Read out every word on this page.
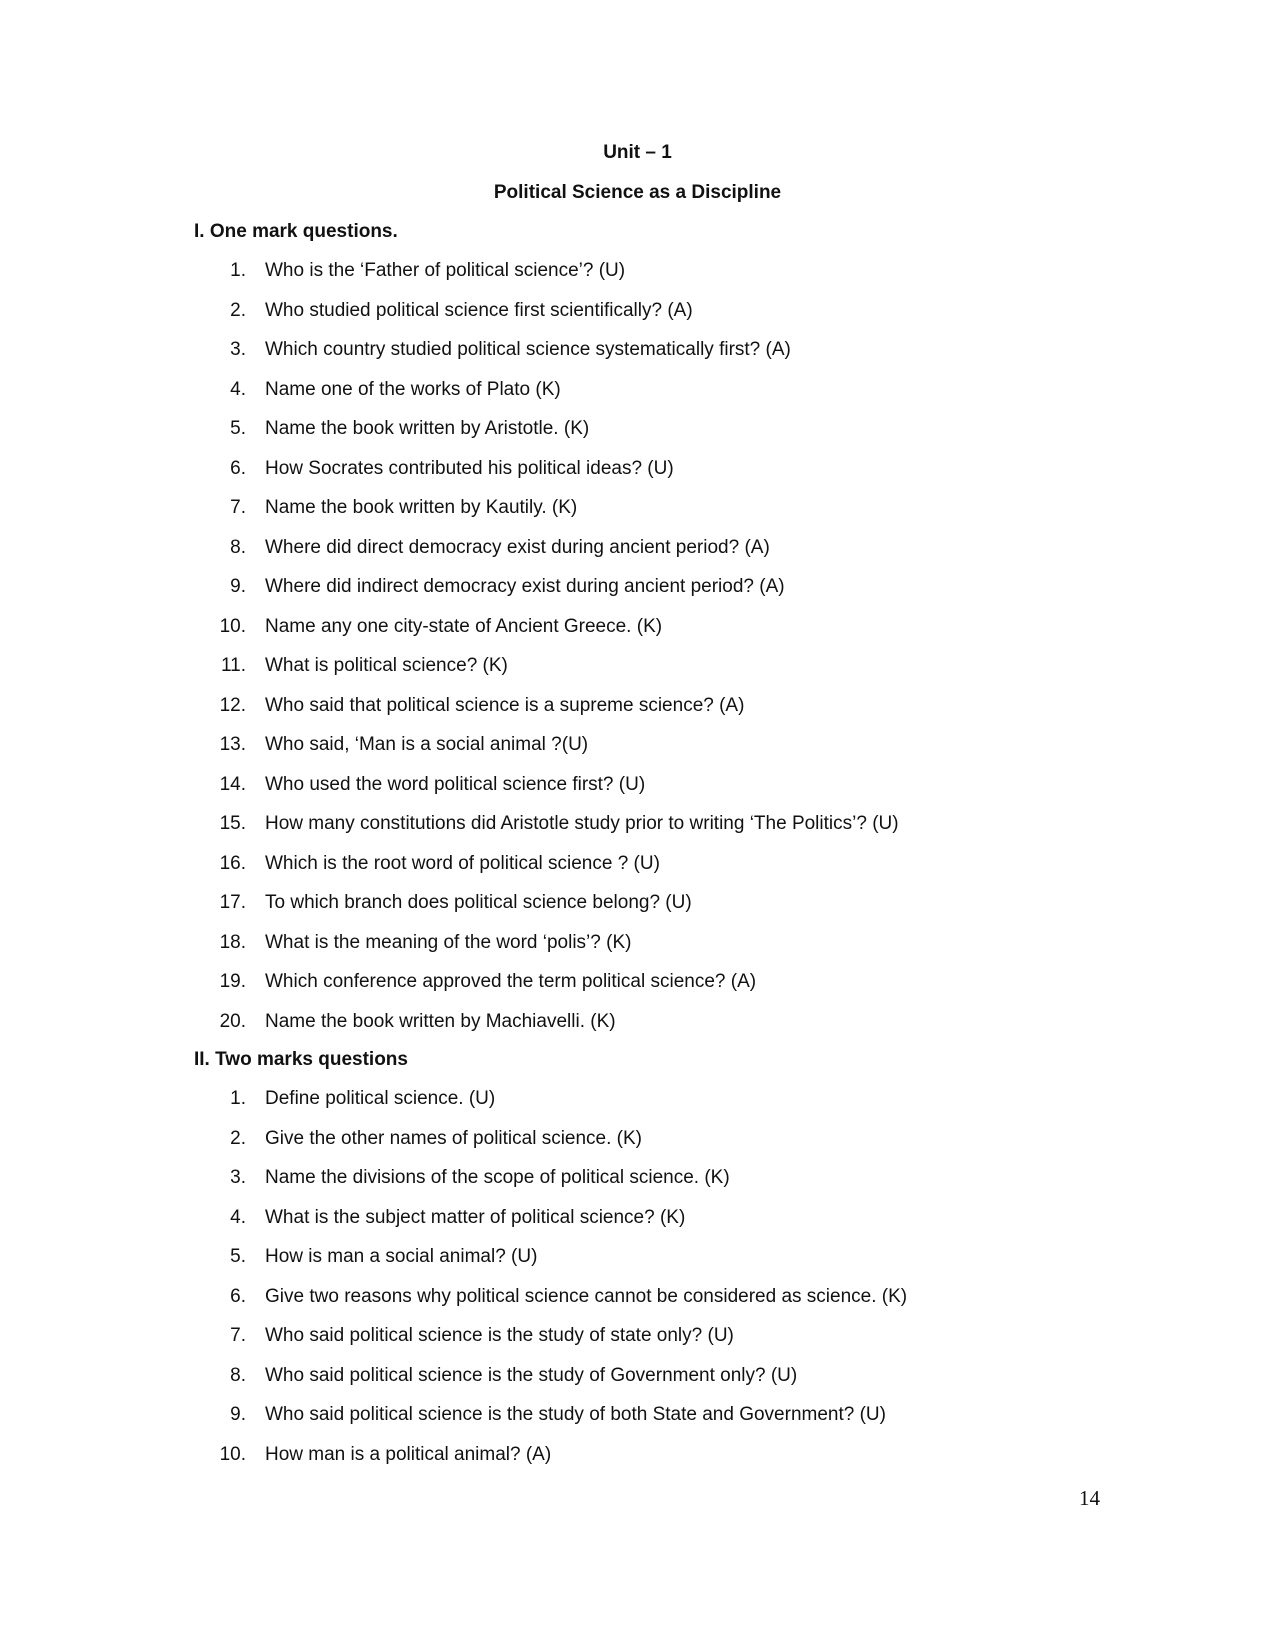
Unit – 1
Political Science as a Discipline
I. One mark questions.
1. Who is the ‘Father of political science’? (U)
2. Who studied political science first scientifically? (A)
3. Which country studied political science systematically first? (A)
4. Name one of the works of Plato (K)
5. Name the book written by Aristotle. (K)
6. How Socrates contributed his political ideas? (U)
7. Name the book written by Kautily. (K)
8. Where did direct democracy exist during ancient period? (A)
9. Where did indirect democracy exist during ancient period? (A)
10. Name any one city-state of Ancient Greece. (K)
11. What is political science? (K)
12. Who said that political science is a supreme science? (A)
13. Who said, ‘Man is a social animal ?(U)
14. Who used the word political science first? (U)
15. How many constitutions did Aristotle study prior to writing ‘The Politics’? (U)
16. Which is the root word of political science ? (U)
17. To which branch does political science belong? (U)
18. What is the meaning of the word ‘polis’? (K)
19. Which conference approved the term political science? (A)
20. Name the book written by Machiavelli. (K)
II. Two marks questions
1. Define political science. (U)
2. Give the other names of political science. (K)
3. Name the divisions of the scope of political science. (K)
4. What is the subject matter of political science? (K)
5. How is man a social animal? (U)
6. Give two reasons why political science cannot be considered as science. (K)
7. Who said political science is the study of state only? (U)
8. Who said political science is the study of Government only? (U)
9. Who said political science is the study of both State and Government? (U)
10. How man is a political animal? (A)
14
